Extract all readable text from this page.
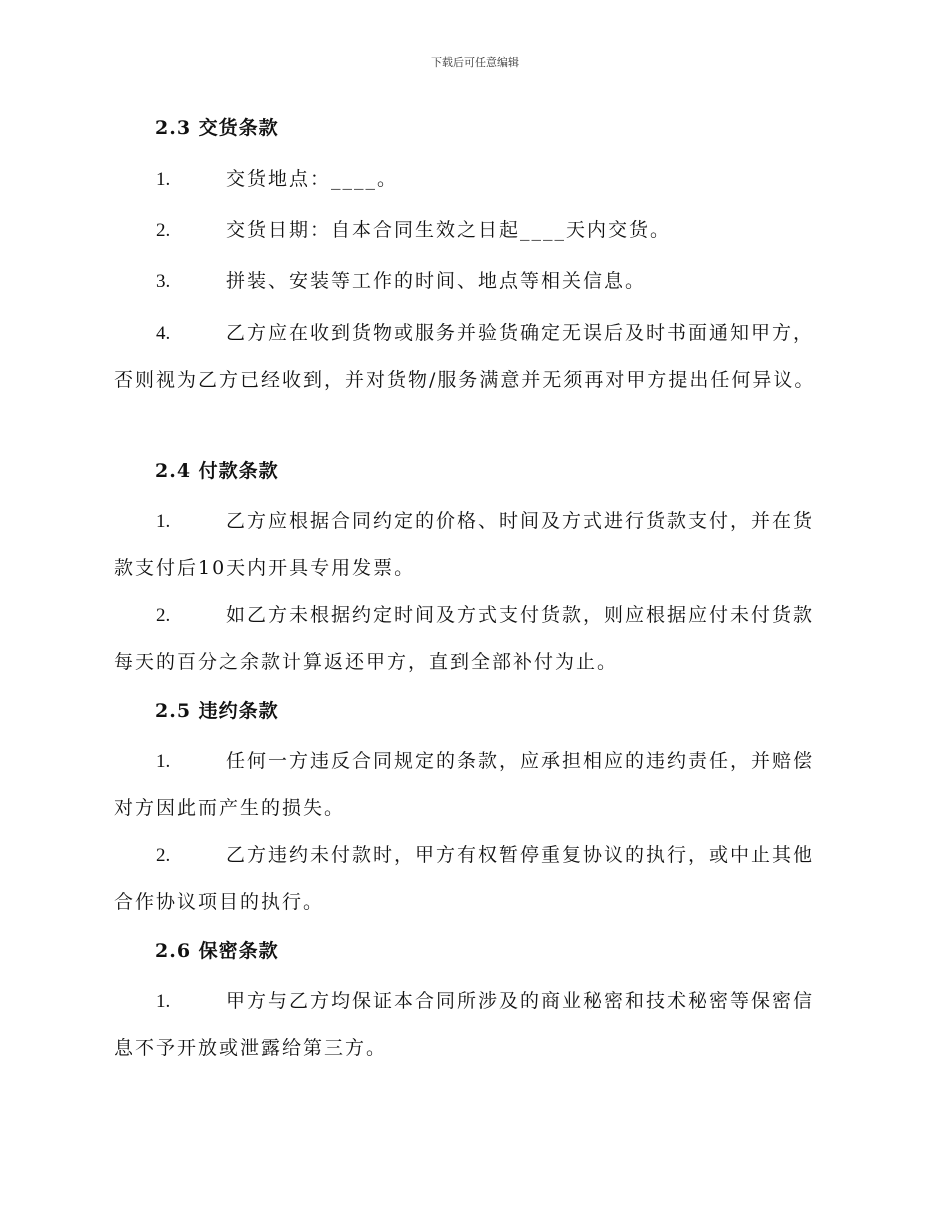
下载后可任意编辑
2.3 交货条款
1.	交货地点：____。
2.	交货日期：自本合同生效之日起____天内交货。
3.	拼装、安装等工作的时间、地点等相关信息。
4.	乙方应在收到货物或服务并验货确定无误后及时书面通知甲方，否则视为乙方已经收到，并对货物/服务满意并无须再对甲方提出任何异议。
2.4 付款条款
1.	乙方应根据合同约定的价格、时间及方式进行货款支付，并在货款支付后10天内开具专用发票。
2.	如乙方未根据约定时间及方式支付货款，则应根据应付未付货款每天的百分之余款计算返还甲方，直到全部补付为止。
2.5 违约条款
1.	任何一方违反合同规定的条款，应承担相应的违约责任，并赔偿对方因此而产生的损失。
2.	乙方违约未付款时，甲方有权暂停重复协议的执行，或中止其他合作协议项目的执行。
2.6 保密条款
1.	甲方与乙方均保证本合同所涉及的商业秘密和技术秘密等保密信息不予开放或泄露给第三方。
